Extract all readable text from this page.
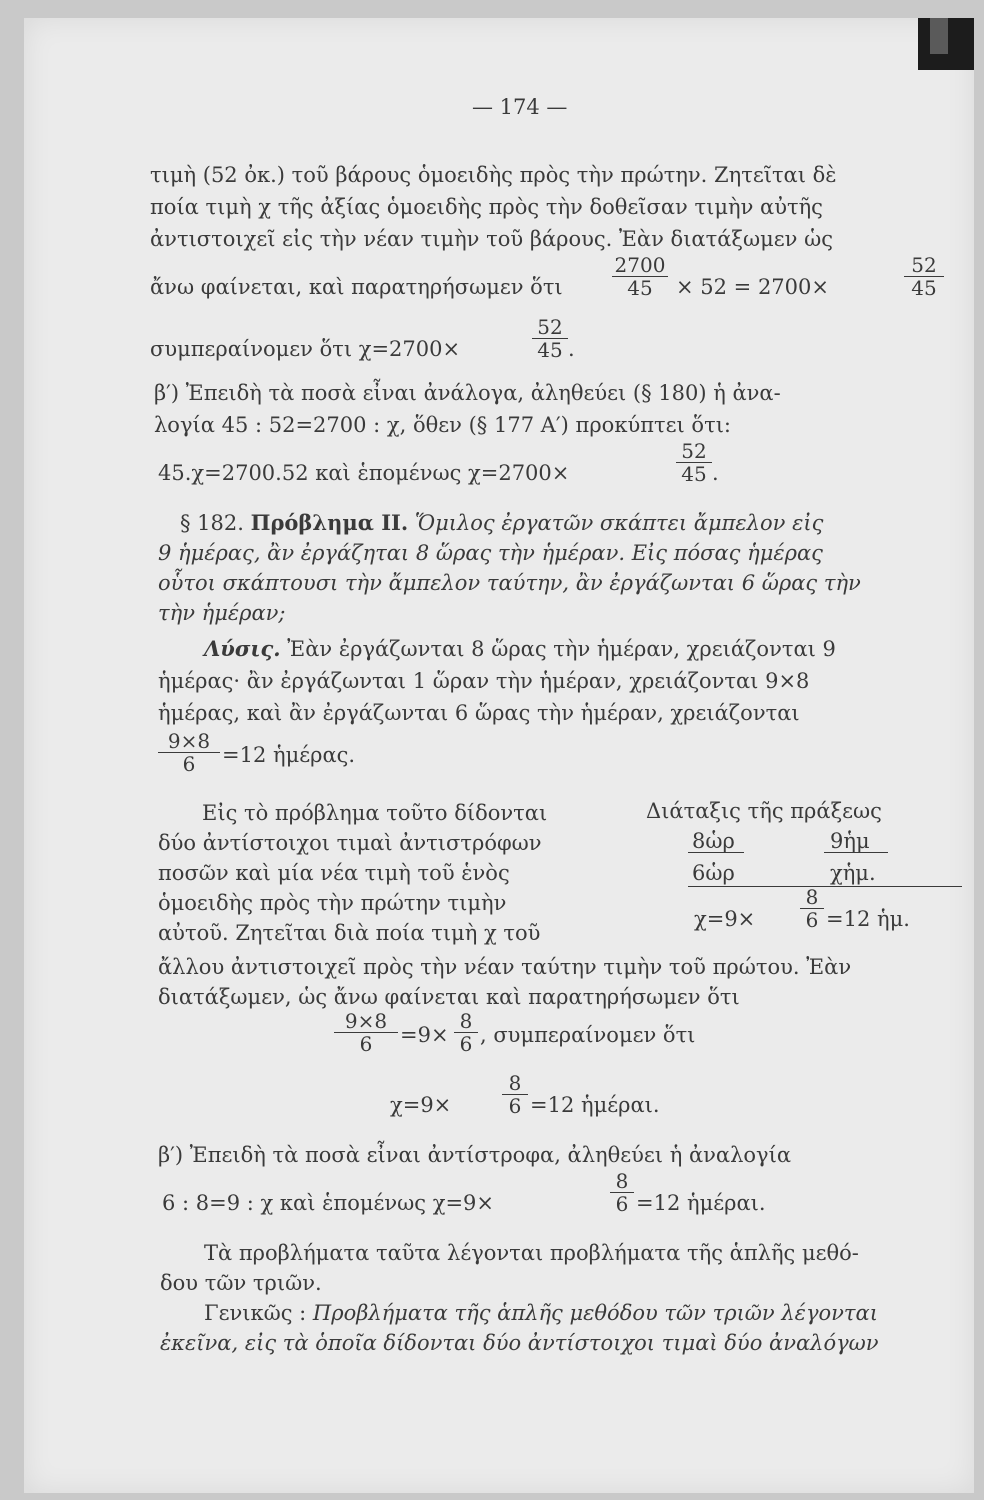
— 174 —
τιμὴ (52 ὀκ.) τοῦ βάρους ὁμοειδὴς πρὸς τὴν πρώτην. Ζητεῖται δὲ
ποία τιμὴ χ τῆς ἀξίας ὁμοειδὴς πρὸς τὴν δοθεῖσαν τιμὴν αὐτῆς
ἀντιστοιχεῖ εἰς τὴν νέαν τιμὴν τοῦ βάρους. Ἐὰν διατάξωμεν ὡς
ἄνω φαίνεται, καὶ παρατηρήσωμεν ὅτι
2700
45	× 52 = 2700×
52
45
συμπεραίνομεν ὅτι χ=2700×
52
45 .
β′) Ἐπειδὴ τὰ ποσὰ εἶναι ἀνάλογα, ἀληθεύει (§ 180) ἡ ἀνα-
λογία 45 : 52=2700 : χ, ὅθεν (§ 177 Α′) προκύπτει ὅτι:
45.χ=2700.52 καὶ ἑπομένως χ=2700×
52
45 .
§ 182. Πρόβλημα ΙΙ. Ὅμιλος ἐργατῶν σκάπτει ἄμπελον εἰς
9 ἡμέρας, ἂν ἐργάζηται 8 ὥρας τὴν ἡμέραν. Εἰς πόσας ἡμέρας
οὗτοι σκάπτουσι τὴν ἄμπελον ταύτην, ἂν ἐργάζωνται 6 ὥρας τὴν
τὴν ἡμέραν;
Λύσις. Ἐὰν ἐργάζωνται 8 ὥρας τὴν ἡμέραν, χρειάζονται 9
ἡμέρας· ἂν ἐργάζωνται 1 ὥραν τὴν ἡμέραν, χρειάζονται 9×8
ἡμέρας, καὶ ἂν ἐργάζωνται 6 ὥρας τὴν ἡμέραν, χρειάζονται
9×8
6	=12 ἡμέρας.
Εἰς τὸ πρόβλημα τοῦτο δίδονται
δύο ἀντίστοιχοι τιμαὶ ἀντιστρόφων
ποσῶν καὶ μία νέα τιμὴ τοῦ ἑνὸς
ὁμοειδὴς πρὸς τὴν πρώτην τιμὴν
αὐτοῦ. Ζητεῖται διὰ ποία τιμὴ χ τοῦ
Διάταξις τῆς πράξεως
8ὡρ	9ἡμ
6ὡρ	χἡμ.
χ=9×
8
6 =12 ἡμ.
ἄλλου ἀντιστοιχεῖ πρὸς τὴν νέαν ταύτην τιμὴν τοῦ πρώτου. Ἐὰν
διατάξωμεν, ὡς ἄνω φαίνεται καὶ παρατηρήσωμεν ὅτι
9×8
6	=9×
8
6 , συμπεραίνομεν ὅτι
χ=9×
8
6 =12 ἡμέραι.
β′) Ἐπειδὴ τὰ ποσὰ εἶναι ἀντίστροφα, ἀληθεύει ἡ ἀναλογία
6 : 8=9 : χ καὶ ἑπομένως χ=9×
8
6 =12 ἡμέραι.
Τὰ προβλήματα ταῦτα λέγονται προβλήματα τῆς ἁπλῆς μεθό-
δου τῶν τριῶν.
Γενικῶς : Προβλήματα τῆς ἁπλῆς μεθόδου τῶν τριῶν λέγονται
ἐκεῖνα, εἰς τὰ ὁποῖα δίδονται δύο ἀντίστοιχοι τιμαὶ δύο ἀναλόγων
